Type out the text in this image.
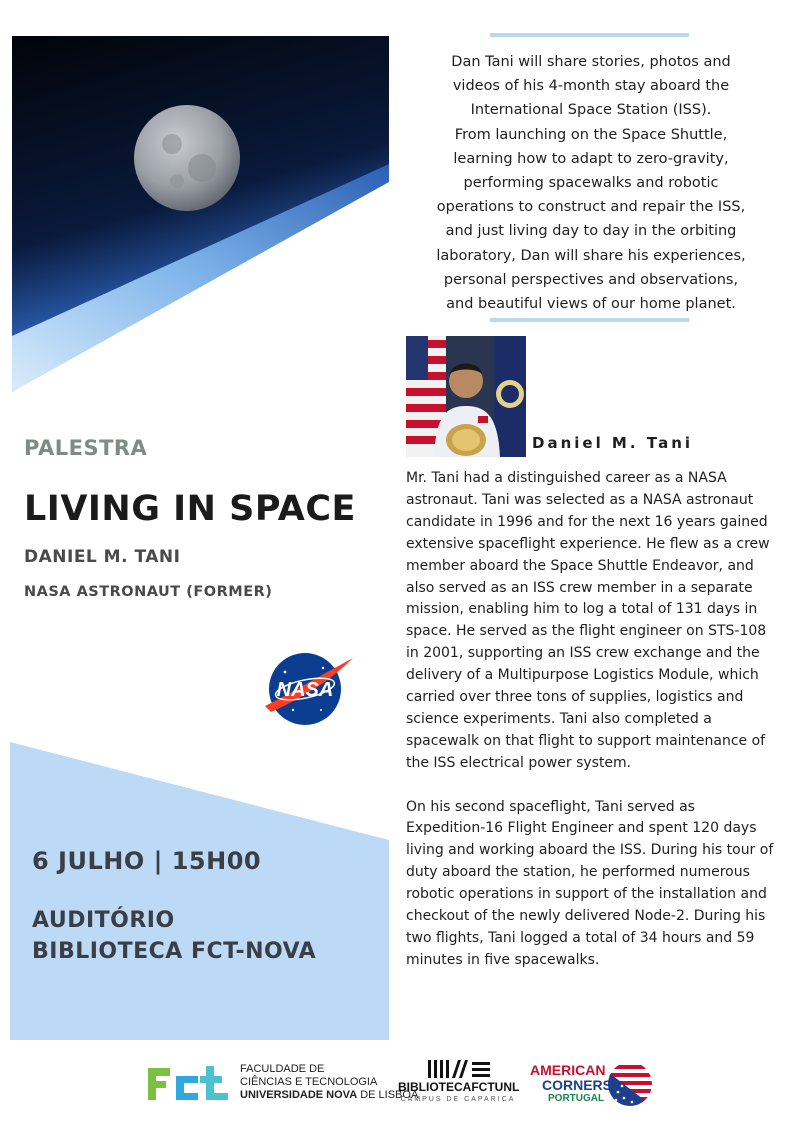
Dan Tani will share stories, photos and
videos of his 4-month stay aboard the
International Space Station (ISS).
From launching on the Space Shuttle,
learning how to adapt to zero-gravity,
performing spacewalks and robotic
operations to construct and repair the ISS,
and just living day to day in the orbiting
laboratory, Dan will share his experiences,
personal perspectives and observations,
and beautiful views of our home planet.
Daniel M. Tani

Mr. Tani had a distinguished career as a NASA astronaut. Tani was selected as a NASA astronaut candidate in 1996 and for the next 16 years gained extensive spaceflight experience. He flew as a crew member aboard the Space Shuttle Endeavor, and also served as an ISS crew member in a separate mission, enabling him to log a total of 131 days in space. He served as the flight engineer on STS-108 in 2001, supporting an ISS crew exchange and the delivery of a Multipurpose Logistics Module, which carried over three tons of supplies, logistics and science experiments. Tani also completed a spacewalk on that flight to support maintenance of the ISS electrical power system.

On his second spaceflight, Tani served as Expedition-16 Flight Engineer and spent 120 days living and working aboard the ISS. During his tour of duty aboard the station, he performed numerous robotic operations in support of the installation and checkout of the newly delivered Node-2. During his two flights, Tani logged a total of 34 hours and 59 minutes in five spacewalks.

PALESTRA
LIVING IN SPACE
DANIEL M. TANI
NASA ASTRONAUT (FORMER)
NASA
6 JULHO | 15H00
AUDITÓRIO
BIBLIOTECA FCT-NOVA
FACULDADE DE
CIÊNCIAS E TECNOLOGIA
UNIVERSIDADE NOVA DE LISBOA
BIBLIOTECAFCTUNL
CAMPUS DE CAPARICA
AMERICAN
CORNERS
PORTUGAL
